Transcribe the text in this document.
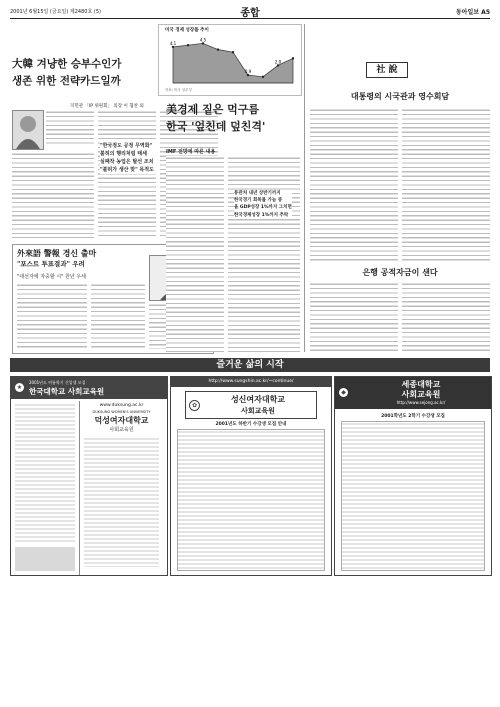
2001년 6월15일 (금요일) 제2480호 (5)	종합	동아일보 A5
大韓 겨냥한 승부수인가
생존 위한 전략카드일까
지민관 「IP 위원회」 의장 이 협찬 외
"한국정도 공정 무역화"
불허의 행리처럼 태세
실패작 농업은 탈선 조치
"불허가 생산 맞" 목적도
外來語 警報 경신 출마
"포스트 투표결과" 우려
"대선자에 자중할 시" 원년 우세
미국 경제 성장률 추이
4.1
4.5
0.9
2.0
자료: 미국 상무부
美경제 짙은 먹구름
한국 '엎친데 덮친격'
IMF 전망에 따른 내용
통관처 내년 상반기까지
한국경기 회복률 가늠 중
올 GDP성장 1%까지 그치면
한국경제성장 1%까지 추락
社 說
대통령의 시국관과 영수회담
은행 공적자금이 샌다
즐거운 삶의 시작
★
2001년도 여름학기 신입생 모집
한국대학교 사회교육원
www.duksung.ac.kr
DUKSUNG WOMEN'S UNIVERSITY
덕성여자대학교
사회교육원
http://www.sungshin.ac.kr/~continue/
✿
성신여자대학교
사회교육원
2001년도 하반기 수강생 모집 안내
◆
세종대학교
사회교육원
http://www.sejong.ac.kr/
2001학년도 2학기 수강생 모집
